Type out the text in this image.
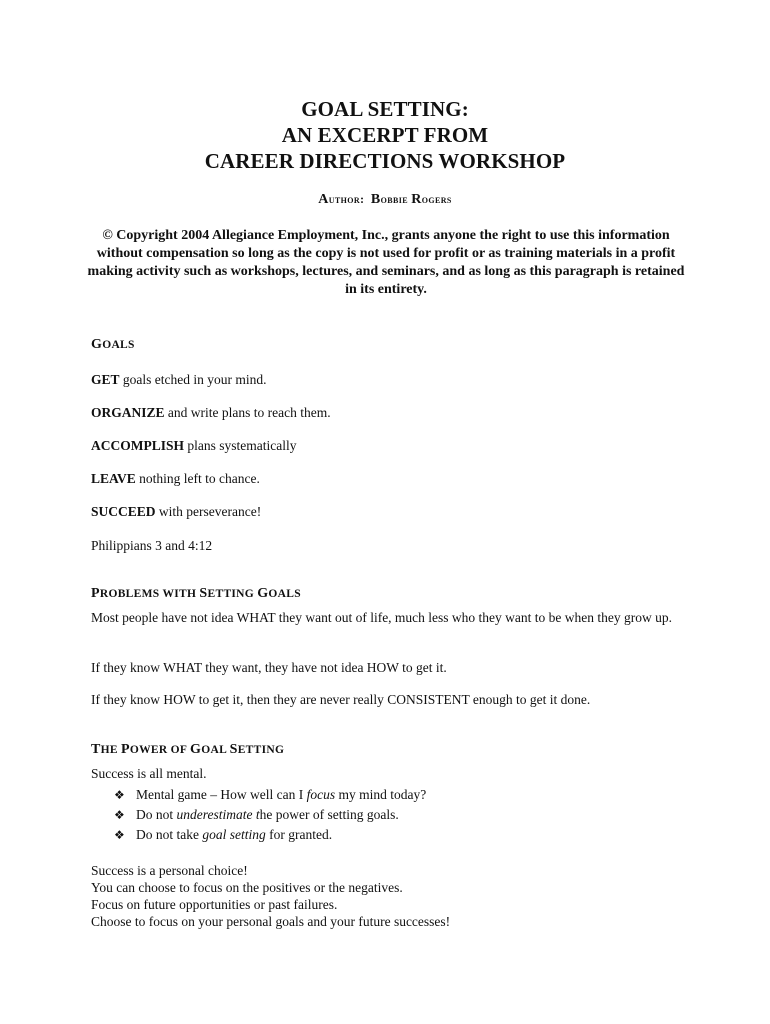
GOAL SETTING:
AN EXCERPT FROM
CAREER DIRECTIONS WORKSHOP
Author: Bobbie Rogers
© Copyright 2004 Allegiance Employment, Inc., grants anyone the right to use this information without compensation so long as the copy is not used for profit or as training materials in a profit making activity such as workshops, lectures, and seminars, and as long as this paragraph is retained in its entirety.
GOALS
GET goals etched in your mind.
ORGANIZE and write plans to reach them.
ACCOMPLISH plans systematically
LEAVE nothing left to chance.
SUCCEED with perseverance!
Philippians 3 and 4:12
PROBLEMS WITH SETTING GOALS
Most people have not idea WHAT they want out of life, much less who they want to be when they grow up.
If they know WHAT they want, they have not idea HOW to get it.
If they know HOW to get it, then they are never really CONSISTENT enough to get it done.
THE POWER OF GOAL SETTING
Success is all mental.
❖ Mental game – How well can I focus my mind today?
❖ Do not underestimate the power of setting goals.
❖ Do not take goal setting for granted.
Success is a personal choice!
You can choose to focus on the positives or the negatives.
Focus on future opportunities or past failures.
Choose to focus on your personal goals and your future successes!
